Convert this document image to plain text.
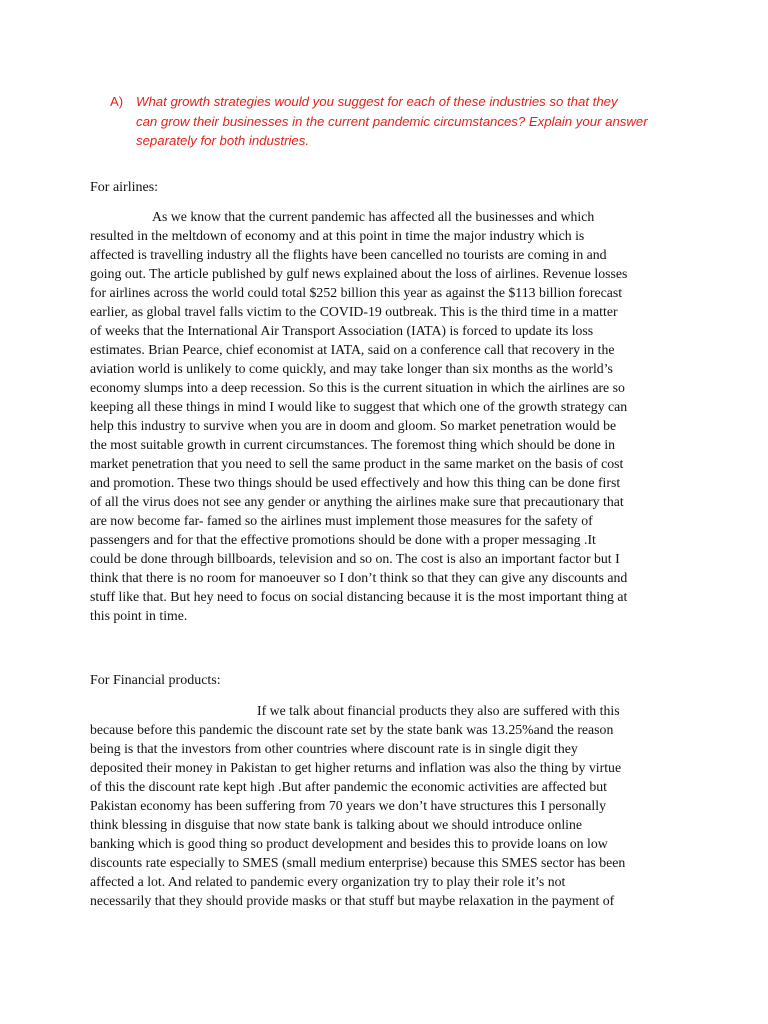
A) What growth strategies would you suggest for each of these industries so that they
can grow their businesses in the current pandemic circumstances? Explain your answer
separately for both industries.
For airlines:
As we know that the current pandemic has affected all the businesses and which
resulted in the meltdown of economy and at this point in time the major industry which is
affected is travelling industry all the flights have been cancelled no tourists are coming in and
going out. The article published by gulf news explained about the loss of airlines. Revenue losses
for airlines across the world could total $252 billion this year as against the $113 billion forecast
earlier, as global travel falls victim to the COVID-19 outbreak. This is the third time in a matter
of weeks that the International Air Transport Association (IATA) is forced to update its loss
estimates. Brian Pearce, chief economist at IATA, said on a conference call that recovery in the
aviation world is unlikely to come quickly, and may take longer than six months as the world’s
economy slumps into a deep recession. So this is the current situation in which the airlines are so
keeping all these things in mind I would like to suggest that which one of the growth strategy can
help this industry to survive when you are in doom and gloom. So market penetration would be
the most suitable growth in current circumstances. The foremost thing which should be done in
market penetration that you need to sell the same product in the same market on the basis of cost
and promotion. These two things should be used effectively and how this thing can be done first
of all the virus does not see any gender or anything the airlines make sure that precautionary that
are now become far- famed so the airlines must implement those measures for the safety of
passengers and for that the effective promotions should be done with a proper messaging .It
could be done through billboards, television and so on. The cost is also an important factor but I
think that there is no room for manoeuver so I don’t think so that they can give any discounts and
stuff like that. But hey need to focus on social distancing because it is the most important thing at
this point in time.
For Financial products:
If we talk about financial products they also are suffered with this
because before this pandemic the discount rate set by the state bank was 13.25%and the reason
being is that the investors from other countries where discount rate is in single digit they
deposited their money in Pakistan to get higher returns and inflation was also the thing by virtue
of this the discount rate kept high .But after pandemic the economic activities are affected but
Pakistan economy has been suffering from 70 years we don’t have structures this I personally
think blessing in disguise that now state bank is talking about we should introduce online
banking which is good thing so product development and besides this to provide loans on low
discounts rate especially to SMES (small medium enterprise) because this SMES sector has been
affected a lot. And related to pandemic every organization try to play their role it’s not
necessarily that they should provide masks or that stuff but maybe relaxation in the payment of
